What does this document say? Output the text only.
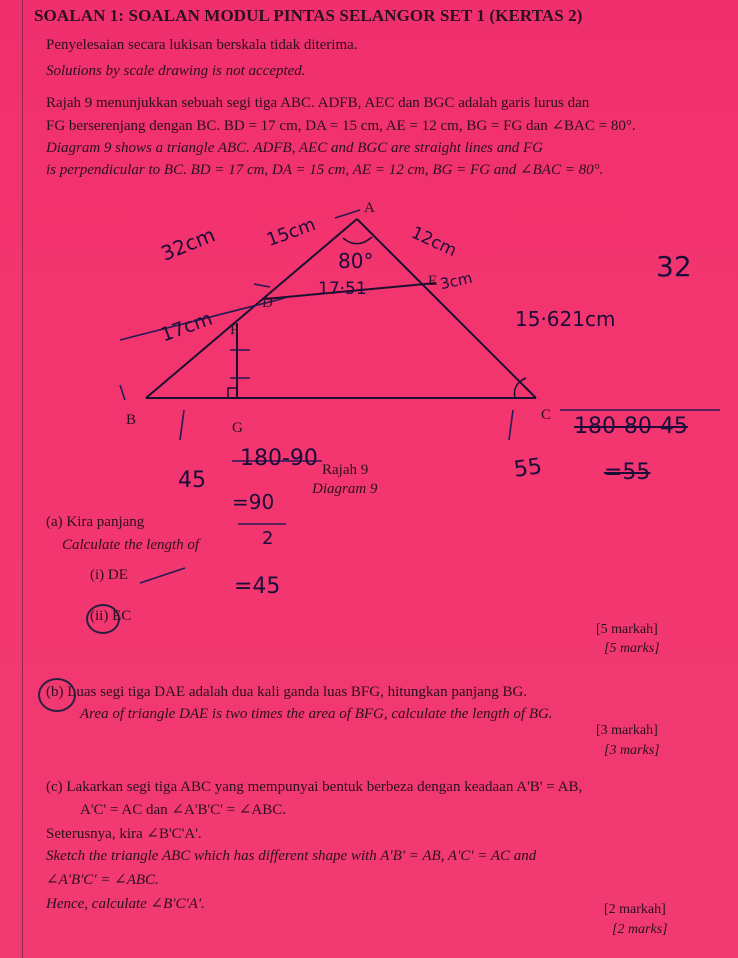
SOALAN 1: SOALAN MODUL PINTAS SELANGOR SET 1 (KERTAS 2)
Penyelesaian secara lukisan berskala tidak diterima.
Solutions by scale drawing is not accepted.
Rajah 9 menunjukkan sebuah segi tiga ABC. ADFB, AEC dan BGC adalah garis lurus dan
FG berserenjang dengan BC. BD = 17 cm, DA = 15 cm, AE = 12 cm, BG = FG dan ∠BAC = 80°.
Diagram 9 shows a triangle ABC. ADFB, AEC and BGC are straight lines and FG
is perpendicular to BC. BD = 17 cm, DA = 15 cm, AE = 12 cm, BG = FG and ∠BAC = 80°.
A
D
E
F
B	G
C
32cm	15cm	12cm
80°
17·51	3cm
17cm	15·621cm
32
180-80-45
=55
55
180-90
45
=90
2
=45
Rajah 9
Diagram 9
(a) Kira panjang
Calculate the length of
(i) DE
(ii) EC
[5 markah]
[5 marks]
(b) Luas segi tiga DAE adalah dua kali ganda luas BFG, hitungkan panjang BG.
Area of triangle DAE is two times the area of BFG, calculate the length of BG.
[3 markah]
[3 marks]
(c) Lakarkan segi tiga ABC yang mempunyai bentuk berbeza dengan keadaan A'B' = AB,
A'C' = AC dan ∠A'B'C' = ∠ABC.
Seterusnya, kira ∠B'C'A'.
Sketch the triangle ABC which has different shape with A'B' = AB, A'C' = AC and
∠A'B'C' = ∠ABC.
Hence, calculate ∠B'C'A'.	[2 markah]
[2 marks]
